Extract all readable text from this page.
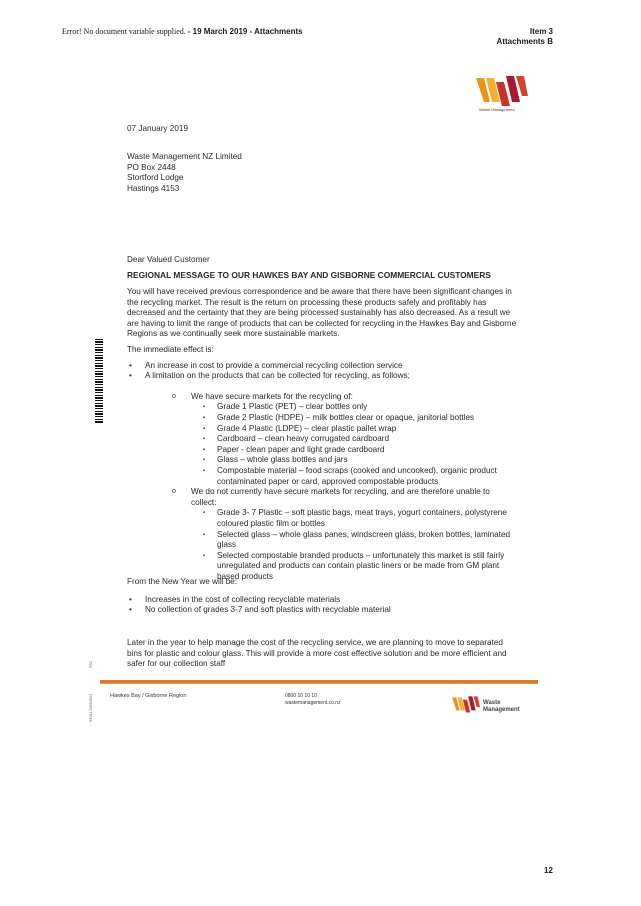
Error! No document variable supplied. - 19 March 2019 - Attachments	Item 3
Attachments B
Waste Management
07 January 2019
Waste Management NZ Limited
PO Box 2448
Stortford Lodge
Hastings 4153
Dear Valued Customer
REGIONAL MESSAGE TO OUR HAWKES BAY AND GISBORNE COMMERCIAL CUSTOMERS
You will have received previous correspondence and be aware that there have been significant changes in the recycling market. The result is the return on processing these products safely and profitably has decreased and the certainty that they are being processed sustainably has also decreased. As a result we are having to limit the range of products that can be collected for recycling in the Hawkes Bay and Gisborne Regions as we continually seek more sustainable markets.
The immediate effect is:
• An increase in cost to provide a commercial recycling collection service
• A limitation on the products that can be collected for recycling, as follows;
o We have secure markets for the recycling of:
▪ Grade 1 Plastic (PET) – clear bottles only
▪ Grade 2 Plastic (HDPE) – milk bottles clear or opaque, janitorial bottles
▪ Grade 4 Plastic (LDPE) – clear plastic pallet wrap
▪ Cardboard – clean heavy corrugated cardboard
▪ Paper - clean paper and light grade cardboard
▪ Glass – whole glass bottles and jars
▪ Compostable material – food scraps (cooked and uncooked), organic product contaminated paper or card, approved compostable products
o We do not currently have secure markets for recycling, and are therefore unable to collect:
▪ Grade 3- 7 Plastic – soft plastic bags, meat trays, yogurt containers, polystyrene coloured plastic film or bottles
▪ Selected glass – whole glass panes, windscreen glass, broken bottles, laminated glass
▪ Selected compostable branded products – unfortunately this market is still fairly unregulated and products can contain plastic liners or be made from GM plant based products
From the New Year we will be:
• Increases in the cost of collecting recyclable materials
• No collection of grades 3-7 and soft plastics with recyclable material
Later in the year to help manage the cost of the recycling service, we are planning to move to separated bins for plastic and colour glass. This will provide a more cost effective solution and be more efficient and safer for our collection staff
R02
9991170964001	Hawkes Bay / Gisborne Region	0800 10 10 10
wastemanagement.co.nz	Waste
Management
12
